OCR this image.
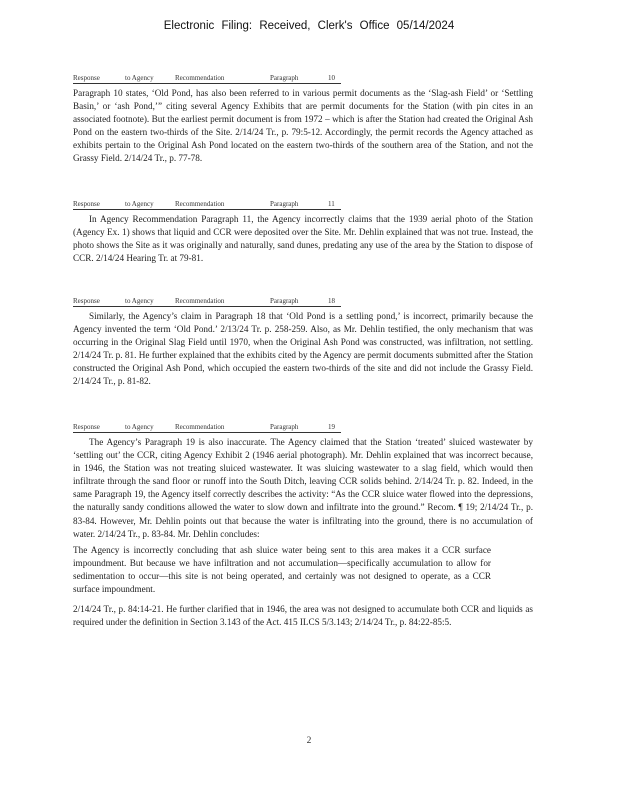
Electronic Filing: Received, Clerk's Office 05/14/2024
Response	to Agency	Recommendation	Paragraph	10

Paragraph 10 states, ‘Old Pond, has also been referred to in various permit documents as the ‘Slag-ash Field’ or ‘Settling Basin,’ or ‘ash Pond,’” citing several Agency Exhibits that are permit documents for the Station (with pin cites in an associated footnote). But the earliest permit document is from 1972 – which is after the Station had created the Original Ash Pond on the eastern two-thirds of the Site. 2/14/24 Tr., p. 79:5-12. Accordingly, the permit records the Agency attached as exhibits pertain to the Original Ash Pond located on the eastern two-thirds of the southern area of the Station, and not the Grassy Field. 2/14/24 Tr., p. 77-78.

Response	to Agency	Recommendation	Paragraph	11

In Agency Recommendation Paragraph 11, the Agency incorrectly claims that the 1939 aerial photo of the Station (Agency Ex. 1) shows that liquid and CCR were deposited over the Site. Mr. Dehlin explained that was not true. Instead, the photo shows the Site as it was originally and naturally, sand dunes, predating any use of the area by the Station to dispose of CCR. 2/14/24 Hearing Tr. at 79-81.

Response	to Agency	Recommendation	Paragraph	18

Similarly, the Agency’s claim in Paragraph 18 that ‘Old Pond is a settling pond,’ is incorrect, primarily because the Agency invented the term ‘Old Pond.’ 2/13/24 Tr. p. 258-259. Also, as Mr. Dehlin testified, the only mechanism that was occurring in the Original Slag Field until 1970, when the Original Ash Pond was constructed, was infiltration, not settling. 2/14/24 Tr. p. 81. He further explained that the exhibits cited by the Agency are permit documents submitted after the Station constructed the Original Ash Pond, which occupied the eastern two-thirds of the site and did not include the Grassy Field. 2/14/24 Tr., p. 81-82.

Response	to Agency	Recommendation	Paragraph	19

The Agency’s Paragraph 19 is also inaccurate. The Agency claimed that the Station ‘treated’ sluiced wastewater by ‘settling out’ the CCR, citing Agency Exhibit 2 (1946 aerial photograph). Mr. Dehlin explained that was incorrect because, in 1946, the Station was not treating sluiced wastewater. It was sluicing wastewater to a slag field, which would then infiltrate through the sand floor or runoff into the South Ditch, leaving CCR solids behind. 2/14/24 Tr. p. 82. Indeed, in the same Paragraph 19, the Agency itself correctly describes the activity: “As the CCR sluice water flowed into the depressions, the naturally sandy conditions allowed the water to slow down and infiltrate into the ground.” Recom. ¶ 19; 2/14/24 Tr., p. 83-84. However, Mr. Dehlin points out that because the water is infiltrating into the ground, there is no accumulation of water. 2/14/24 Tr., p. 83-84. Mr. Dehlin concludes:

The Agency is incorrectly concluding that ash sluice water being sent to this area makes it a CCR surface impoundment. But because we have infiltration and not accumulation—specifically accumulation to allow for sedimentation to occur—this site is not being operated, and certainly was not designed to operate, as a CCR surface impoundment.

2/14/24 Tr., p. 84:14-21. He further clarified that in 1946, the area was not designed to accumulate both CCR and liquids as required under the definition in Section 3.143 of the Act. 415 ILCS 5/3.143; 2/14/24 Tr., p. 84:22-85:5.

2
